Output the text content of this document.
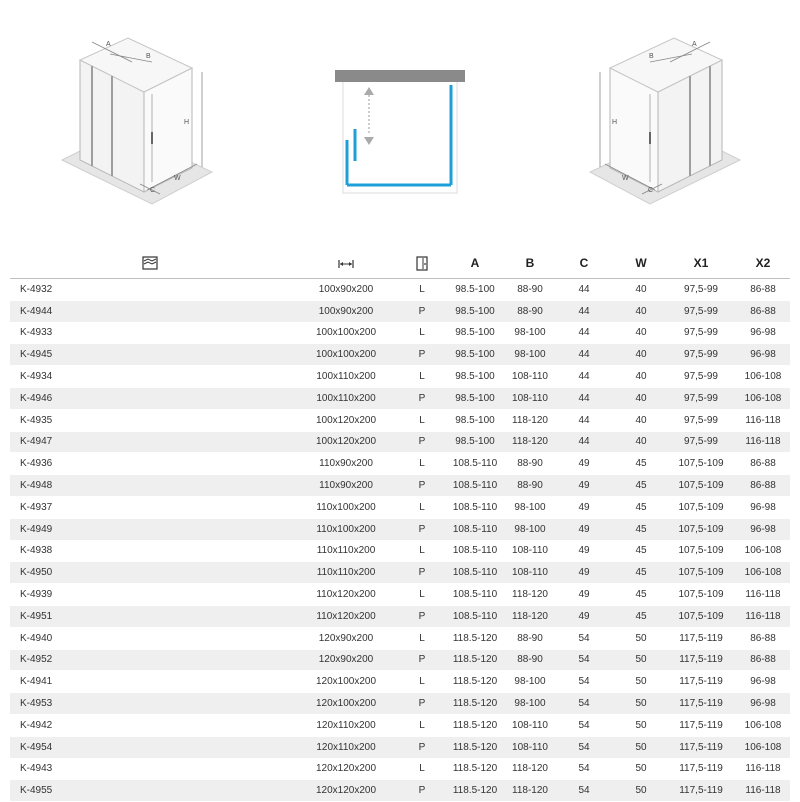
A
B
H
W
C
A
B
H
W
C
			A	B	C	W	X1	X2
K-4932	100x90x200	L	98.5-100	88-90	44	40	97,5-99	86-88
K-4944	100x90x200	P	98.5-100	88-90	44	40	97,5-99	86-88
K-4933	100x100x200	L	98.5-100	98-100	44	40	97,5-99	96-98
K-4945	100x100x200	P	98.5-100	98-100	44	40	97,5-99	96-98
K-4934	100x110x200	L	98.5-100	108-110	44	40	97,5-99	106-108
K-4946	100x110x200	P	98.5-100	108-110	44	40	97,5-99	106-108
K-4935	100x120x200	L	98.5-100	118-120	44	40	97,5-99	116-118
K-4947	100x120x200	P	98.5-100	118-120	44	40	97,5-99	116-118
K-4936	110x90x200	L	108.5-110	88-90	49	45	107,5-109	86-88
K-4948	110x90x200	P	108.5-110	88-90	49	45	107,5-109	86-88
K-4937	110x100x200	L	108.5-110	98-100	49	45	107,5-109	96-98
K-4949	110x100x200	P	108.5-110	98-100	49	45	107,5-109	96-98
K-4938	110x110x200	L	108.5-110	108-110	49	45	107,5-109	106-108
K-4950	110x110x200	P	108.5-110	108-110	49	45	107,5-109	106-108
K-4939	110x120x200	L	108.5-110	118-120	49	45	107,5-109	116-118
K-4951	110x120x200	P	108.5-110	118-120	49	45	107,5-109	116-118
K-4940	120x90x200	L	118.5-120	88-90	54	50	117,5-119	86-88
K-4952	120x90x200	P	118.5-120	88-90	54	50	117,5-119	86-88
K-4941	120x100x200	L	118.5-120	98-100	54	50	117,5-119	96-98
K-4953	120x100x200	P	118.5-120	98-100	54	50	117,5-119	96-98
K-4942	120x110x200	L	118.5-120	108-110	54	50	117,5-119	106-108
K-4954	120x110x200	P	118.5-120	108-110	54	50	117,5-119	106-108
K-4943	120x120x200	L	118.5-120	118-120	54	50	117,5-119	116-118
K-4955	120x120x200	P	118.5-120	118-120	54	50	117,5-119	116-118
